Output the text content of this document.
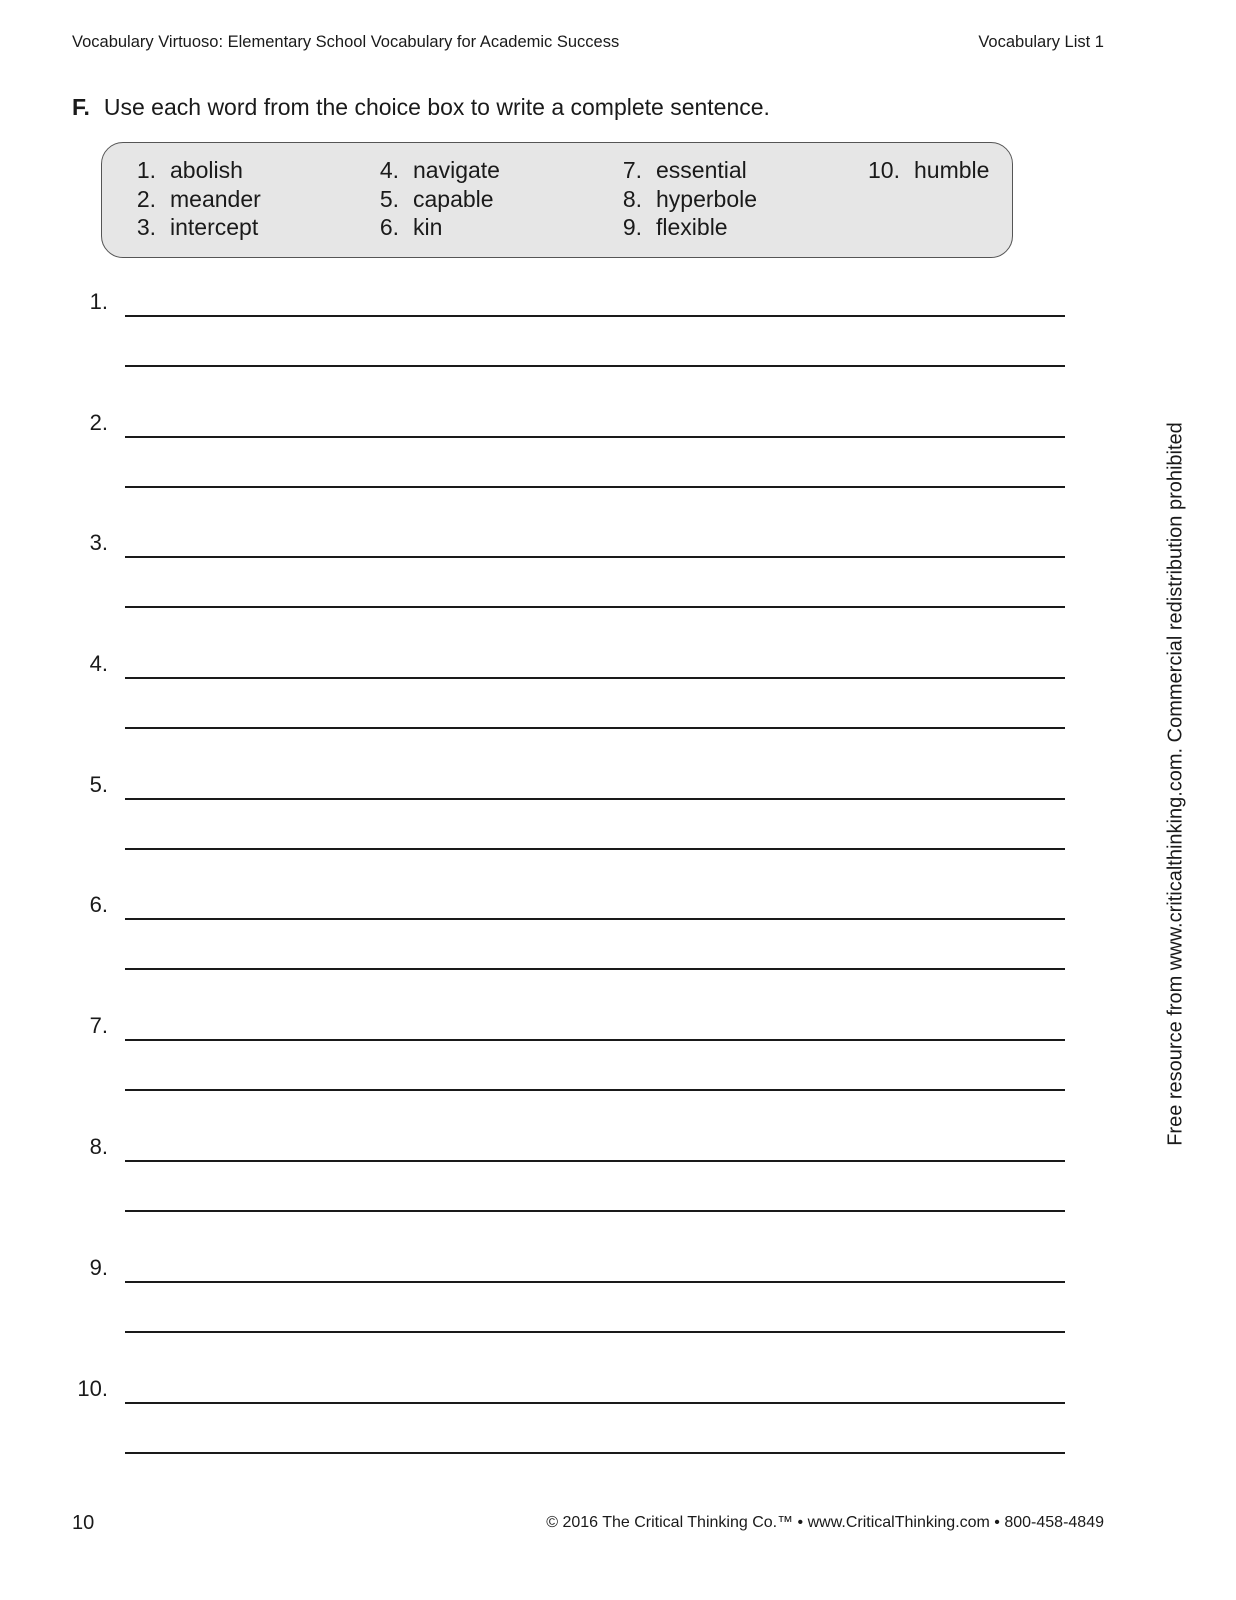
Vocabulary Virtuoso: Elementary School Vocabulary for Academic Success	Vocabulary List 1
F. Use each word from the choice box to write a complete sentence.
1. abolish
2. meander
3. intercept
4. navigate
5. capable
6. kin
7. essential
8. hyperbole
9. flexible
10. humble
1.
2.
3.
4.
5.
6.
7.
8.
9.
10.
Free resource from www.criticalthinking.com. Commercial redistribution prohibited
10	© 2016 The Critical Thinking Co.™ • www.CriticalThinking.com • 800-458-4849
